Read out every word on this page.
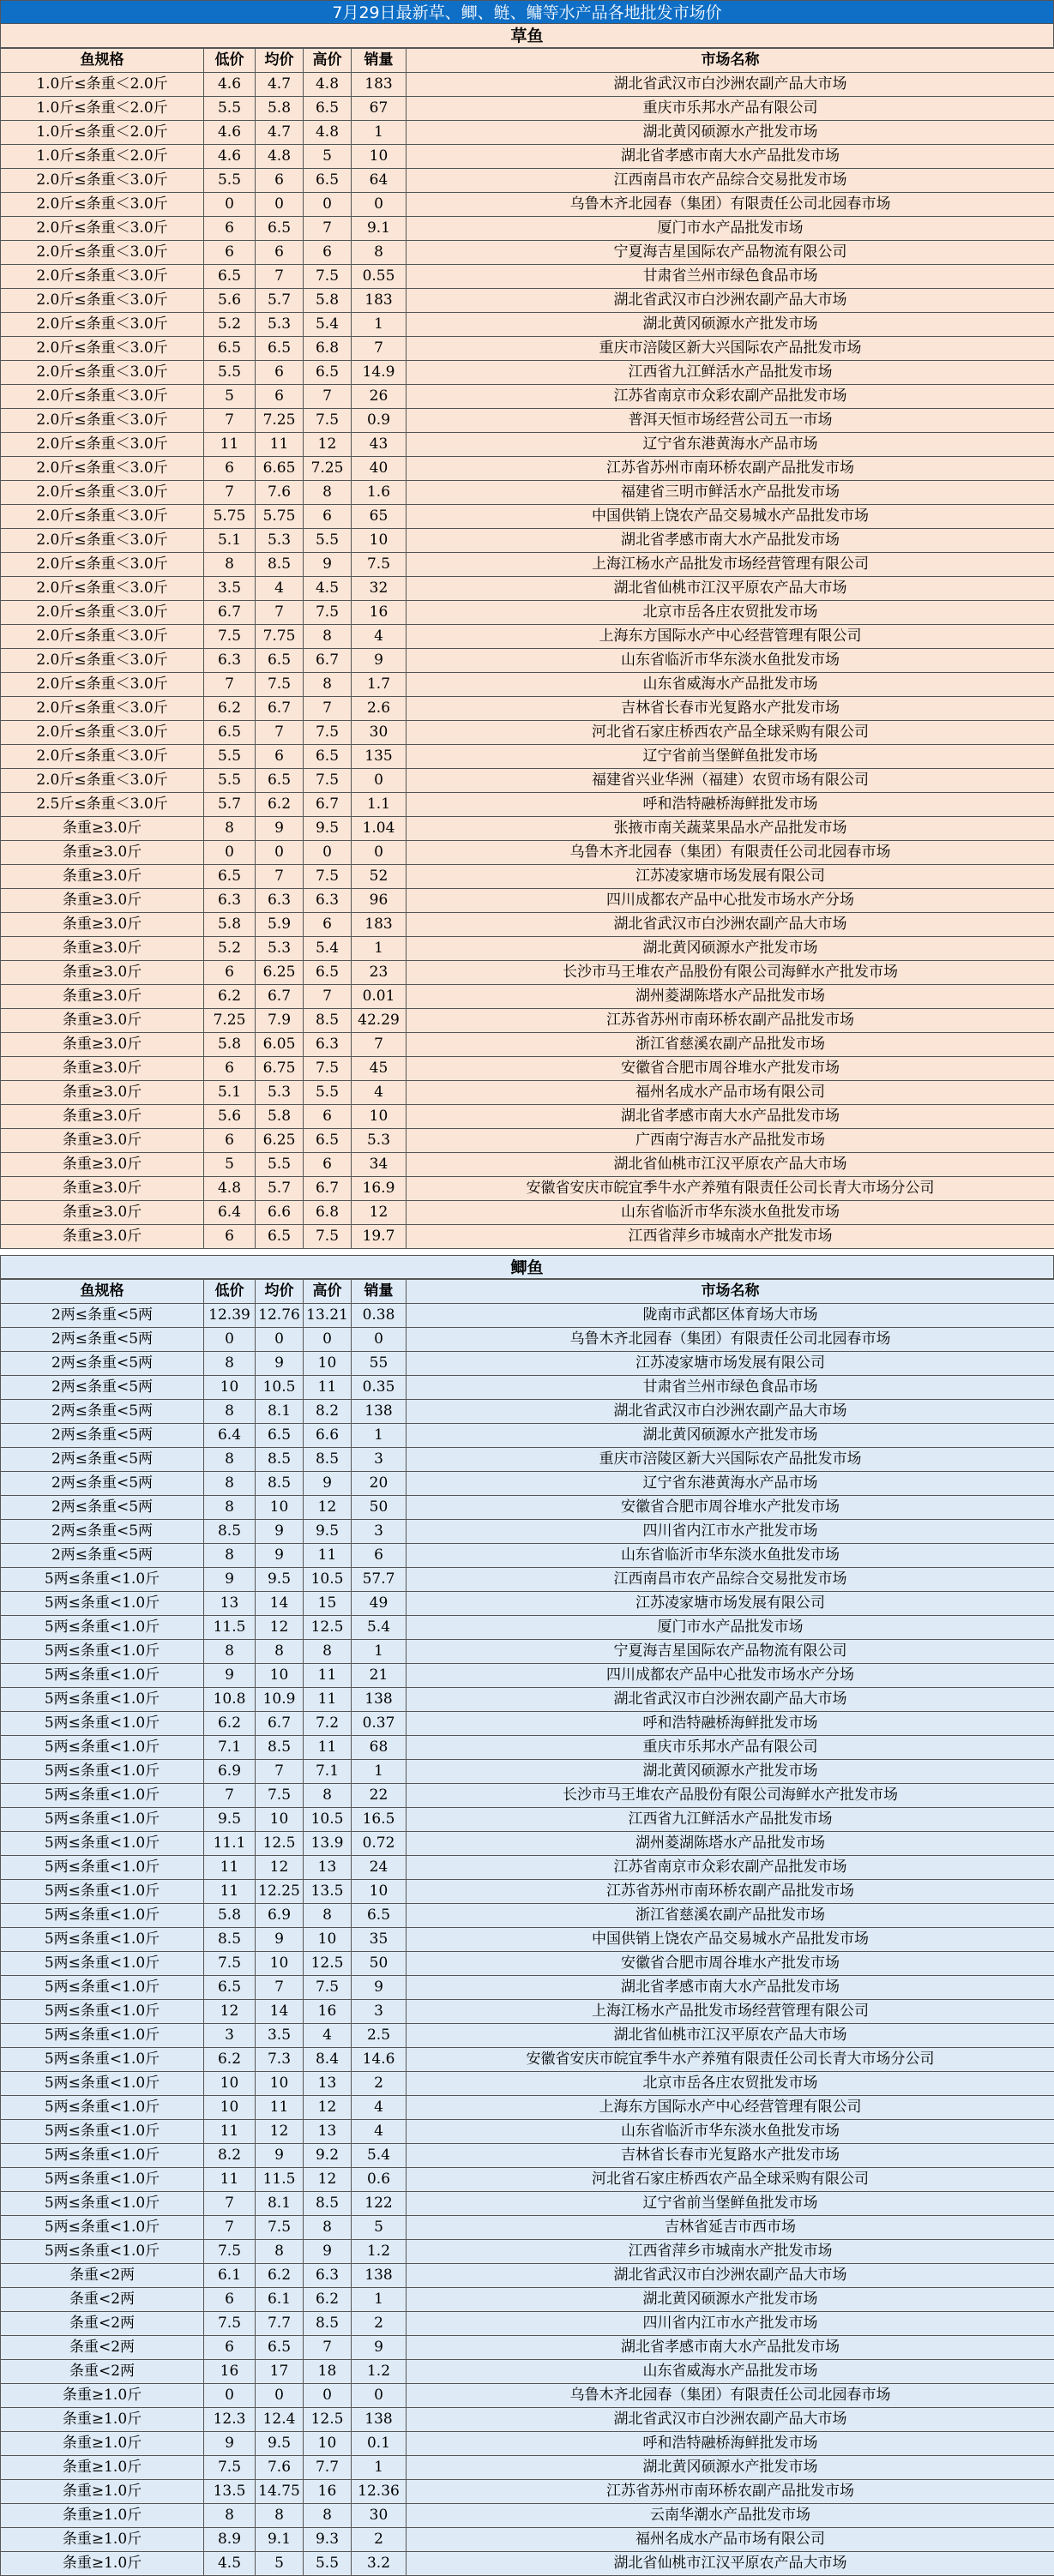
7月29日最新草、鲫、鲢、鳙等水产品各地批发市场价
草鱼
鱼规格	低价	均价	高价	销量	市场名称
1.0斤≤条重＜2.0斤	4.6	4.7	4.8	183	湖北省武汉市白沙洲农副产品大市场
1.0斤≤条重＜2.0斤	5.5	5.8	6.5	67	重庆市乐邦水产品有限公司
1.0斤≤条重＜2.0斤	4.6	4.7	4.8	1	湖北黄冈硕源水产批发市场
1.0斤≤条重＜2.0斤	4.6	4.8	5	10	湖北省孝感市南大水产品批发市场
2.0斤≤条重＜3.0斤	5.5	6	6.5	64	江西南昌市农产品综合交易批发市场
2.0斤≤条重＜3.0斤	0	0	0	0	乌鲁木齐北园春（集团）有限责任公司北园春市场
2.0斤≤条重＜3.0斤	6	6.5	7	9.1	厦门市水产品批发市场
2.0斤≤条重＜3.0斤	6	6	6	8	宁夏海吉星国际农产品物流有限公司
2.0斤≤条重＜3.0斤	6.5	7	7.5	0.55	甘肃省兰州市绿色食品市场
2.0斤≤条重＜3.0斤	5.6	5.7	5.8	183	湖北省武汉市白沙洲农副产品大市场
2.0斤≤条重＜3.0斤	5.2	5.3	5.4	1	湖北黄冈硕源水产批发市场
2.0斤≤条重＜3.0斤	6.5	6.5	6.8	7	重庆市涪陵区新大兴国际农产品批发市场
2.0斤≤条重＜3.0斤	5.5	6	6.5	14.9	江西省九江鲜活水产品批发市场
2.0斤≤条重＜3.0斤	5	6	7	26	江苏省南京市众彩农副产品批发市场
2.0斤≤条重＜3.0斤	7	7.25	7.5	0.9	普洱天恒市场经营公司五一市场
2.0斤≤条重＜3.0斤	11	11	12	43	辽宁省东港黄海水产品市场
2.0斤≤条重＜3.0斤	6	6.65	7.25	40	江苏省苏州市南环桥农副产品批发市场
2.0斤≤条重＜3.0斤	7	7.6	8	1.6	福建省三明市鲜活水产品批发市场
2.0斤≤条重＜3.0斤	5.75	5.75	6	65	中国供销上饶农产品交易城水产品批发市场
2.0斤≤条重＜3.0斤	5.1	5.3	5.5	10	湖北省孝感市南大水产品批发市场
2.0斤≤条重＜3.0斤	8	8.5	9	7.5	上海江杨水产品批发市场经营管理有限公司
2.0斤≤条重＜3.0斤	3.5	4	4.5	32	湖北省仙桃市江汉平原农产品大市场
2.0斤≤条重＜3.0斤	6.7	7	7.5	16	北京市岳各庄农贸批发市场
2.0斤≤条重＜3.0斤	7.5	7.75	8	4	上海东方国际水产中心经营管理有限公司
2.0斤≤条重＜3.0斤	6.3	6.5	6.7	9	山东省临沂市华东淡水鱼批发市场
2.0斤≤条重＜3.0斤	7	7.5	8	1.7	山东省威海水产品批发市场
2.0斤≤条重＜3.0斤	6.2	6.7	7	2.6	吉林省长春市光复路水产批发市场
2.0斤≤条重＜3.0斤	6.5	7	7.5	30	河北省石家庄桥西农产品全球采购有限公司
2.0斤≤条重＜3.0斤	5.5	6	6.5	135	辽宁省前当堡鲜鱼批发市场
2.0斤≤条重＜3.0斤	5.5	6.5	7.5	0	福建省兴业华洲（福建）农贸市场有限公司
2.5斤≤条重＜3.0斤	5.7	6.2	6.7	1.1	呼和浩特融桥海鲜批发市场
条重≥3.0斤	8	9	9.5	1.04	张掖市南关蔬菜果品水产品批发市场
条重≥3.0斤	0	0	0	0	乌鲁木齐北园春（集团）有限责任公司北园春市场
条重≥3.0斤	6.5	7	7.5	52	江苏凌家塘市场发展有限公司
条重≥3.0斤	6.3	6.3	6.3	96	四川成都农产品中心批发市场水产分场
条重≥3.0斤	5.8	5.9	6	183	湖北省武汉市白沙洲农副产品大市场
条重≥3.0斤	5.2	5.3	5.4	1	湖北黄冈硕源水产批发市场
条重≥3.0斤	6	6.25	6.5	23	长沙市马王堆农产品股份有限公司海鲜水产批发市场
条重≥3.0斤	6.2	6.7	7	0.01	湖州菱湖陈塔水产品批发市场
条重≥3.0斤	7.25	7.9	8.5	42.29	江苏省苏州市南环桥农副产品批发市场
条重≥3.0斤	5.8	6.05	6.3	7	浙江省慈溪农副产品批发市场
条重≥3.0斤	6	6.75	7.5	45	安徽省合肥市周谷堆水产批发市场
条重≥3.0斤	5.1	5.3	5.5	4	福州名成水产品市场有限公司
条重≥3.0斤	5.6	5.8	6	10	湖北省孝感市南大水产品批发市场
条重≥3.0斤	6	6.25	6.5	5.3	广西南宁海吉水产品批发市场
条重≥3.0斤	5	5.5	6	34	湖北省仙桃市江汉平原农产品大市场
条重≥3.0斤	4.8	5.7	6.7	16.9	安徽省安庆市皖宜季牛水产养殖有限责任公司长青大市场分公司
条重≥3.0斤	6.4	6.6	6.8	12	山东省临沂市华东淡水鱼批发市场
条重≥3.0斤	6	6.5	7.5	19.7	江西省萍乡市城南水产批发市场
鲫鱼
鱼规格	低价	均价	高价	销量	市场名称
2两≤条重<5两	12.39	12.76	13.21	0.38	陇南市武都区体育场大市场
2两≤条重<5两	0	0	0	0	乌鲁木齐北园春（集团）有限责任公司北园春市场
2两≤条重<5两	8	9	10	55	江苏凌家塘市场发展有限公司
2两≤条重<5两	10	10.5	11	0.35	甘肃省兰州市绿色食品市场
2两≤条重<5两	8	8.1	8.2	138	湖北省武汉市白沙洲农副产品大市场
2两≤条重<5两	6.4	6.5	6.6	1	湖北黄冈硕源水产批发市场
2两≤条重<5两	8	8.5	8.5	3	重庆市涪陵区新大兴国际农产品批发市场
2两≤条重<5两	8	8.5	9	20	辽宁省东港黄海水产品市场
2两≤条重<5两	8	10	12	50	安徽省合肥市周谷堆水产批发市场
2两≤条重<5两	8.5	9	9.5	3	四川省内江市水产批发市场
2两≤条重<5两	8	9	11	6	山东省临沂市华东淡水鱼批发市场
5两≤条重<1.0斤	9	9.5	10.5	57.7	江西南昌市农产品综合交易批发市场
5两≤条重<1.0斤	13	14	15	49	江苏凌家塘市场发展有限公司
5两≤条重<1.0斤	11.5	12	12.5	5.4	厦门市水产品批发市场
5两≤条重<1.0斤	8	8	8	1	宁夏海吉星国际农产品物流有限公司
5两≤条重<1.0斤	9	10	11	21	四川成都农产品中心批发市场水产分场
5两≤条重<1.0斤	10.8	10.9	11	138	湖北省武汉市白沙洲农副产品大市场
5两≤条重<1.0斤	6.2	6.7	7.2	0.37	呼和浩特融桥海鲜批发市场
5两≤条重<1.0斤	7.1	8.5	11	68	重庆市乐邦水产品有限公司
5两≤条重<1.0斤	6.9	7	7.1	1	湖北黄冈硕源水产批发市场
5两≤条重<1.0斤	7	7.5	8	22	长沙市马王堆农产品股份有限公司海鲜水产批发市场
5两≤条重<1.0斤	9.5	10	10.5	16.5	江西省九江鲜活水产品批发市场
5两≤条重<1.0斤	11.1	12.5	13.9	0.72	湖州菱湖陈塔水产品批发市场
5两≤条重<1.0斤	11	12	13	24	江苏省南京市众彩农副产品批发市场
5两≤条重<1.0斤	11	12.25	13.5	10	江苏省苏州市南环桥农副产品批发市场
5两≤条重<1.0斤	5.8	6.9	8	6.5	浙江省慈溪农副产品批发市场
5两≤条重<1.0斤	8.5	9	10	35	中国供销上饶农产品交易城水产品批发市场
5两≤条重<1.0斤	7.5	10	12.5	50	安徽省合肥市周谷堆水产批发市场
5两≤条重<1.0斤	6.5	7	7.5	9	湖北省孝感市南大水产品批发市场
5两≤条重<1.0斤	12	14	16	3	上海江杨水产品批发市场经营管理有限公司
5两≤条重<1.0斤	3	3.5	4	2.5	湖北省仙桃市江汉平原农产品大市场
5两≤条重<1.0斤	6.2	7.3	8.4	14.6	安徽省安庆市皖宜季牛水产养殖有限责任公司长青大市场分公司
5两≤条重<1.0斤	10	10	13	2	北京市岳各庄农贸批发市场
5两≤条重<1.0斤	10	11	12	4	上海东方国际水产中心经营管理有限公司
5两≤条重<1.0斤	11	12	13	4	山东省临沂市华东淡水鱼批发市场
5两≤条重<1.0斤	8.2	9	9.2	5.4	吉林省长春市光复路水产批发市场
5两≤条重<1.0斤	11	11.5	12	0.6	河北省石家庄桥西农产品全球采购有限公司
5两≤条重<1.0斤	7	8.1	8.5	122	辽宁省前当堡鲜鱼批发市场
5两≤条重<1.0斤	7	7.5	8	5	吉林省延吉市西市场
5两≤条重<1.0斤	7.5	8	9	1.2	江西省萍乡市城南水产批发市场
条重<2两	6.1	6.2	6.3	138	湖北省武汉市白沙洲农副产品大市场
条重<2两	6	6.1	6.2	1	湖北黄冈硕源水产批发市场
条重<2两	7.5	7.7	8.5	2	四川省内江市水产批发市场
条重<2两	6	6.5	7	9	湖北省孝感市南大水产品批发市场
条重<2两	16	17	18	1.2	山东省威海水产品批发市场
条重≥1.0斤	0	0	0	0	乌鲁木齐北园春（集团）有限责任公司北园春市场
条重≥1.0斤	12.3	12.4	12.5	138	湖北省武汉市白沙洲农副产品大市场
条重≥1.0斤	9	9.5	10	0.1	呼和浩特融桥海鲜批发市场
条重≥1.0斤	7.5	7.6	7.7	1	湖北黄冈硕源水产批发市场
条重≥1.0斤	13.5	14.75	16	12.36	江苏省苏州市南环桥农副产品批发市场
条重≥1.0斤	8	8	8	30	云南华潮水产品批发市场
条重≥1.0斤	8.9	9.1	9.3	2	福州名成水产品市场有限公司
条重≥1.0斤	4.5	5	5.5	3.2	湖北省仙桃市江汉平原农产品大市场
